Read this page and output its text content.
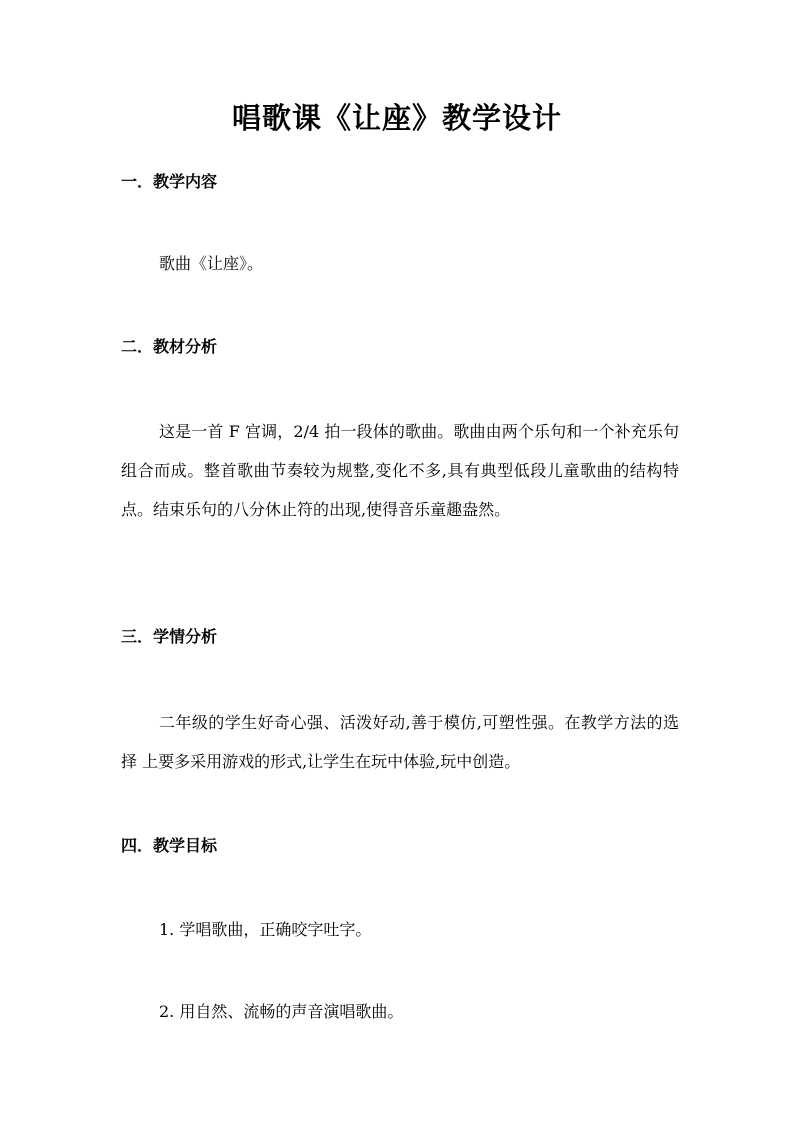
唱歌课《让座》教学设计
一．教学内容
歌曲《让座》。
二．教材分析
这是一首 F 宫调，2/4 拍一段体的歌曲。歌曲由两个乐句和一个补充乐句组合而成。整首歌曲节奏较为规整,变化不多,具有典型低段儿童歌曲的结构特点。结束乐句的八分休止符的出现,使得音乐童趣盎然。
三．学情分析
二年级的学生好奇心强、活泼好动,善于模仿,可塑性强。在教学方法的选择 上要多采用游戏的形式,让学生在玩中体验,玩中创造。
四．教学目标
1. 学唱歌曲，正确咬字吐字。
2. 用自然、流畅的声音演唱歌曲。
